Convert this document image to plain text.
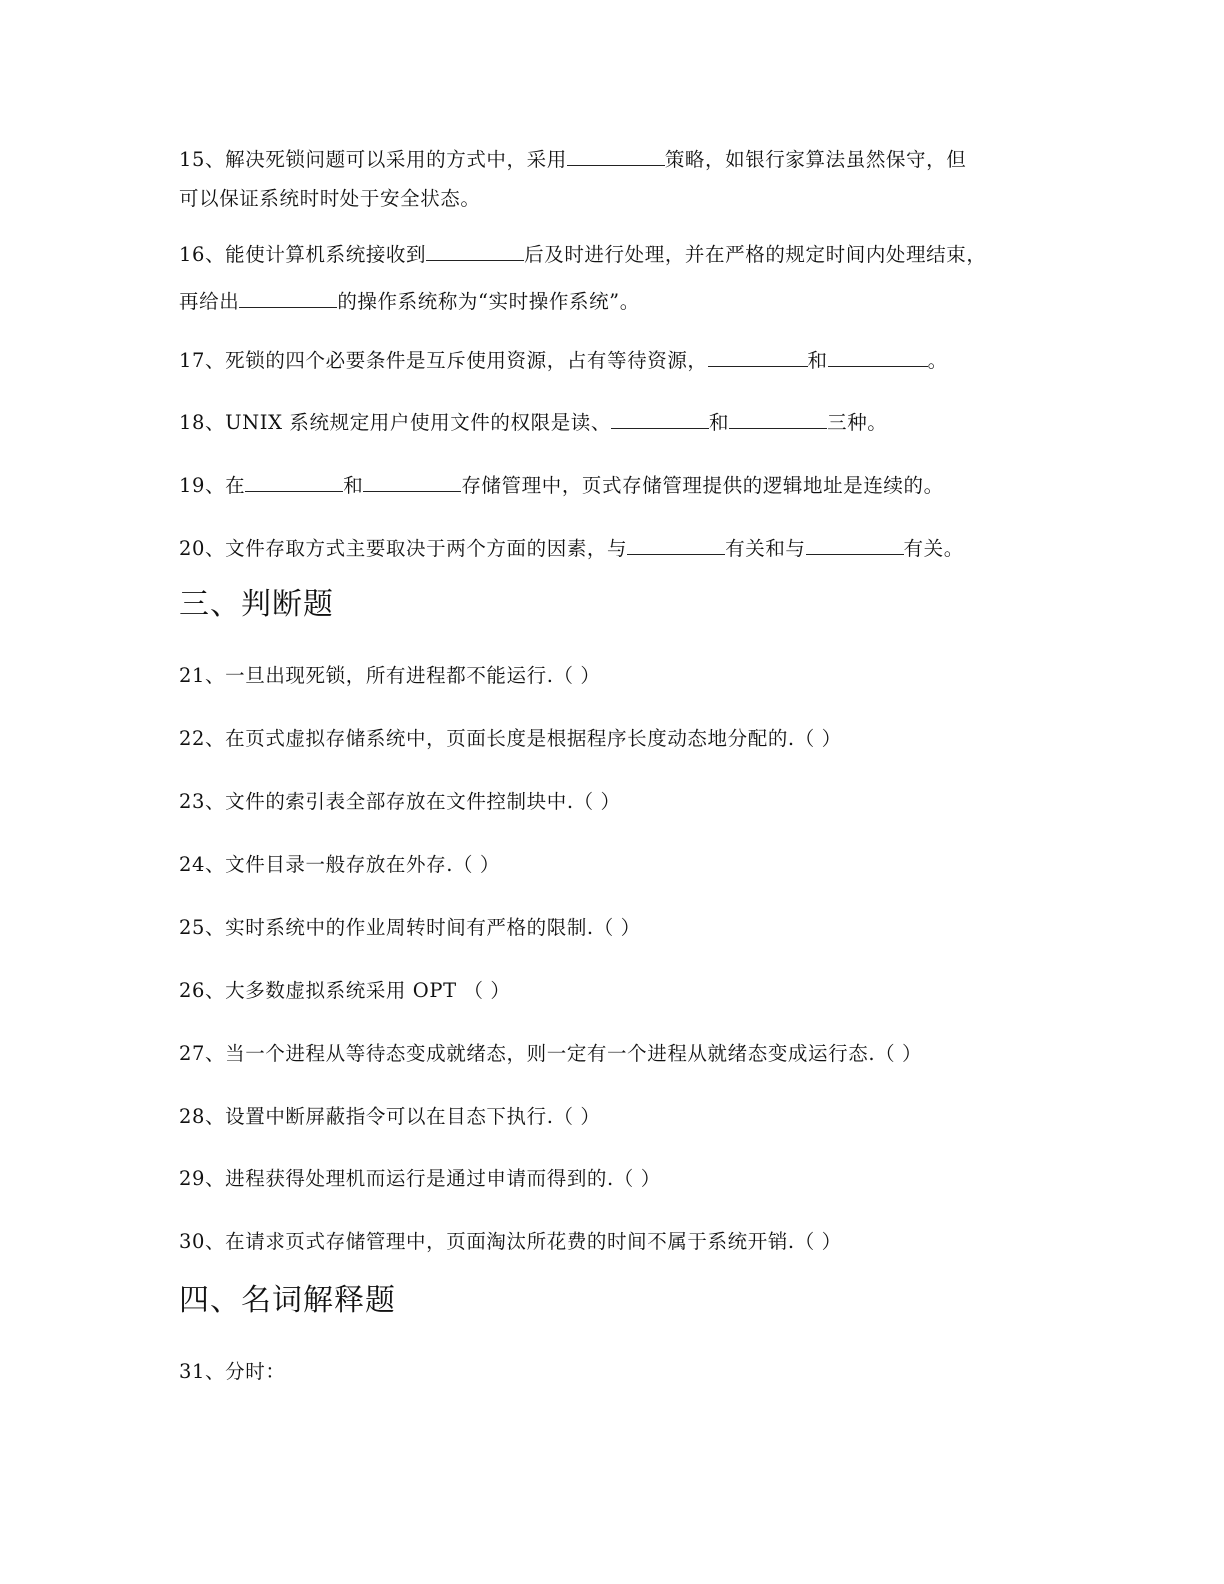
15、解决死锁问题可以采用的方式中，采用	策略，如银行家算法虽然保守，但
可以保证系统时时处于安全状态。
16、能使计算机系统接收到	后及时进行处理，并在严格的规定时间内处理结束，
再给出	的操作系统称为“实时操作系统”。
17、死锁的四个必要条件是互斥使用资源，占有等待资源，	和	。
18、UNIX 系统规定用户使用文件的权限是读、	和	三种。
19、在	和	存储管理中，页式存储管理提供的逻辑地址是连续的。
20、文件存取方式主要取决于两个方面的因素，与	有关和与	有关。
三、判断题
21、一旦出现死锁，所有进程都不能运行.（ ）
22、在页式虚拟存储系统中，页面长度是根据程序长度动态地分配的.（ ）
23、文件的索引表全部存放在文件控制块中.（ ）
24、文件目录一般存放在外存.（ ）
25、实时系统中的作业周转时间有严格的限制.（ ）
26、大多数虚拟系统采用 OPT （ ）
27、当一个进程从等待态变成就绪态，则一定有一个进程从就绪态变成运行态.（ ）
28、设置中断屏蔽指令可以在目态下执行.（ ）
29、进程获得处理机而运行是通过申请而得到的.（ ）
30、在请求页式存储管理中，页面淘汰所花费的时间不属于系统开销.（ ）
四、名词解释题
31、分时：
